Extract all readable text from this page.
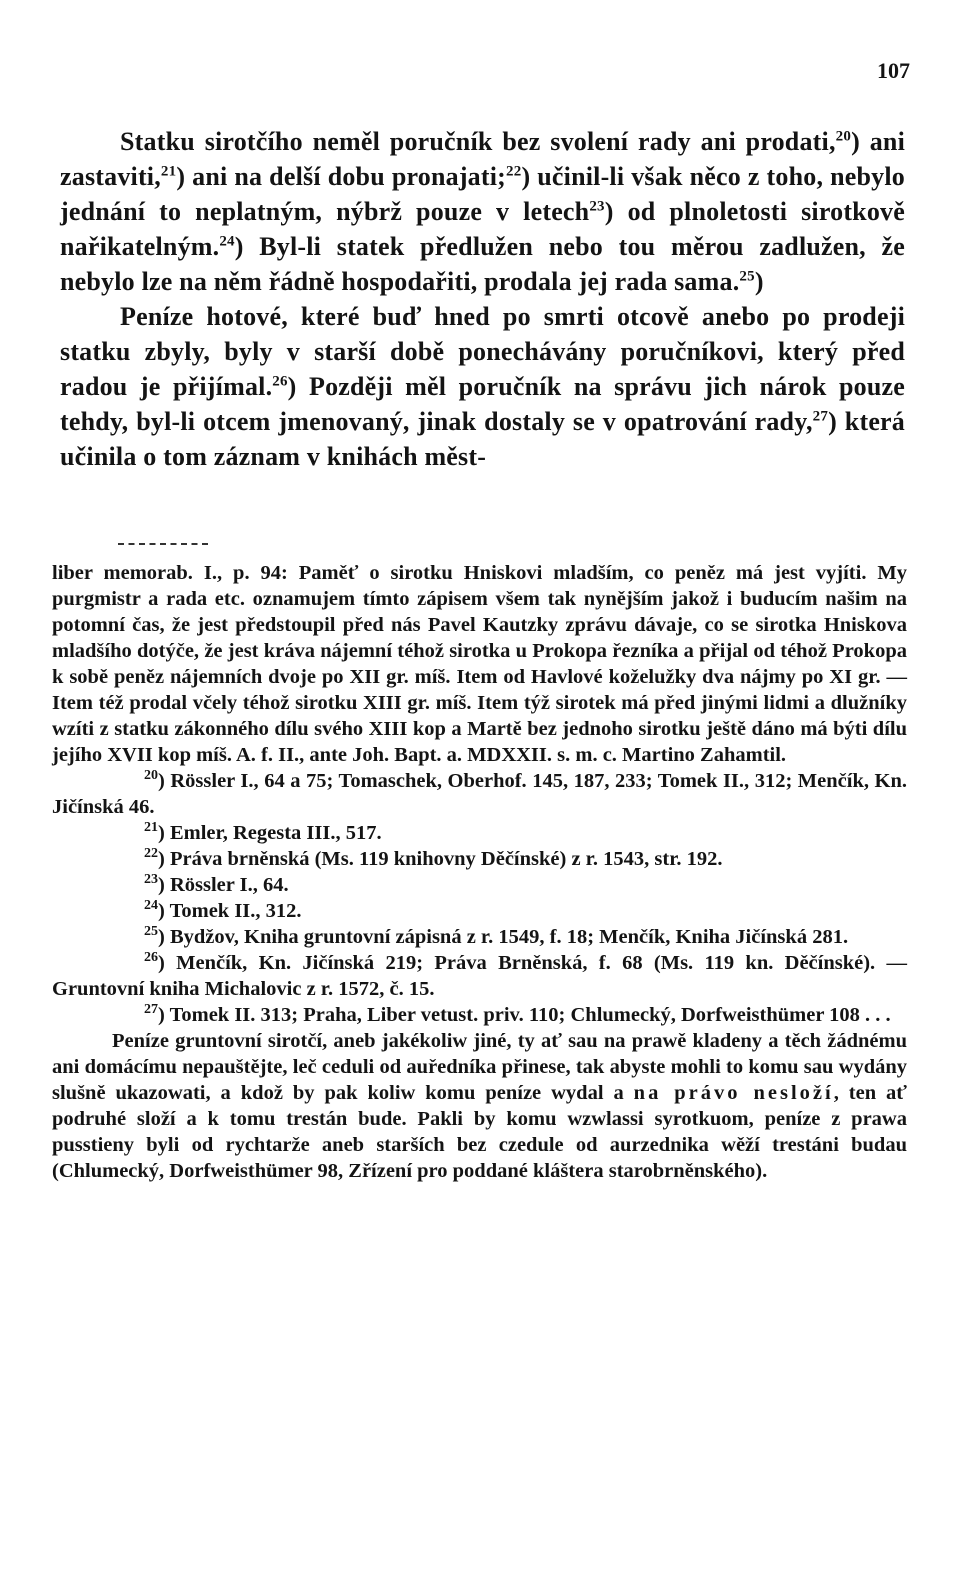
107

Statku sirotčího neměl poručník bez svolení rady ani prodati,$^{20}$) ani zastaviti,$^{21}$) ani na delší dobu pronajati;$^{22}$) učinil-li však něco z toho, nebylo jednání to neplatným, nýbrž pouze v letech$^{23}$) od plnoletosti sirotkově nařikatelným.$^{24}$) Byl-li statek předlužen nebo tou měrou zadlužen, že nebylo lze na něm řádně hospodařiti, prodala jej rada sama.$^{25}$)

Peníze hotové, které buď hned po smrti otcově anebo po prodeji statku zbyly, byly v starší době ponechávány poručníkovi, který před radou je přijímal.$^{26}$) Později měl poručník na správu jich nárok pouze tehdy, byl-li otcem jmenovaný, jinak dostaly se v opatrování rady,$^{27}$) která učinila o tom záznam v knihách měst-

liber memorab. I., p. 94: Paměť o sirotku Hniskovi mladším, co peněz má jest vyjíti. My purgmistr a rada etc. oznamujem tímto zápisem všem tak nynějším jakož i buducím našim na potomní čas, že jest předstoupil před nás Pavel Kautzky zprávu dávaje, co se sirotka Hniskova mladšího dotýče, že jest kráva nájemní téhož sirotka u Prokopa řezníka a přijal od téhož Prokopa k sobě peněz nájemních dvoje po XII gr. míš. Item od Havlové koželužky dva nájmy po XI gr. — Item též prodal včely téhož sirotku XIII gr. míš. Item týž sirotek má před jinými lidmi a dlužníky wzíti z statku zákonného dílu svého XIII kop a Martě bez jednoho sirotku ještě dáno má býti dílu jejího XVII kop míš. A. f. II., ante Joh. Bapt. a. MDXXII. s. m. c. Martino Zahamtil.

$^{20}$) Rössler I., 64 a 75; Tomaschek, Oberhof. 145, 187, 233; Tomek II., 312; Menčík, Kn. Jičínská 46.

$^{21}$) Emler, Regesta III., 517.

$^{22}$) Práva brněnská (Ms. 119 knihovny Děčínské) z r. 1543, str. 192.

$^{23}$) Rössler I., 64.

$^{24}$) Tomek II., 312.

$^{25}$) Bydžov, Kniha gruntovní zápisná z r. 1549, f. 18; Menčík, Kniha Jičínská 281.

$^{26}$) Menčík, Kn. Jičínská 219; Práva Brněnská, f. 68 (Ms. 119 kn. Děčínské). — Gruntovní kniha Michalovic z r. 1572, č. 15.

$^{27}$) Tomek II. 313; Praha, Liber vetust. priv. 110; Chlumecký, Dorfweisthümer 108 . . .

Peníze gruntovní sirotčí, aneb jakékoliw jiné, ty ať sau na prawě kladeny a těch žádnému ani domácímu nepauštějte, leč ceduli od auředníka přinese, tak abyste mohli to komu sau wydány slušně ukazowati, a kdož by pak koliw komu peníze wydal a na právo nesloží, ten ať podruhé složí a k tomu trestán bude. Pakli by komu wzwlassi syrotkuom, peníze z prawa pusstieny byli od rychtarže aneb starších bez czedule od aurzednika wěží trestáni budau (Chlumecký, Dorfweisthümer 98, Zřízení pro poddané kláštera starobrněnského).
